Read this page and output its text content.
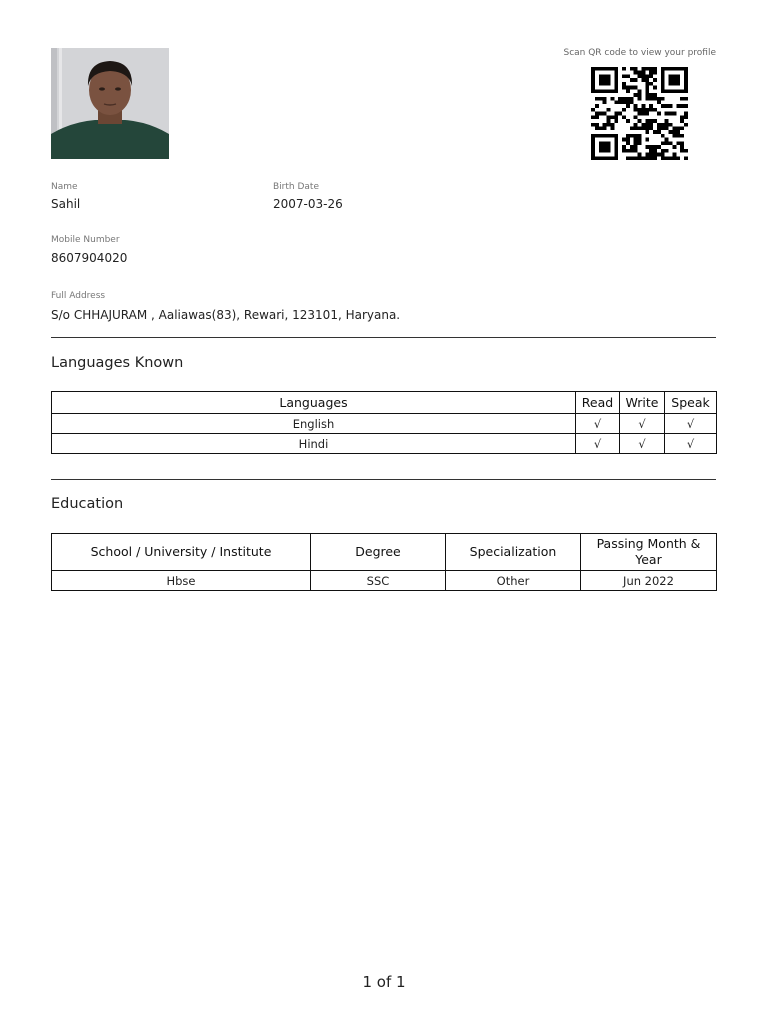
Scan QR code to view your profile
Name
Sahil
Birth Date
2007-03-26
Mobile Number
8607904020
Full Address
S/o CHHAJURAM , Aaliawas(83), Rewari, 123101, Haryana.
Languages Known
Languages	Read	Write	Speak
English	√	√	√
Hindi	√	√	√
Education
School / University / Institute	Degree	Specialization	Passing Month & Year
Hbse	SSC	Other	Jun 2022
1 of 1
